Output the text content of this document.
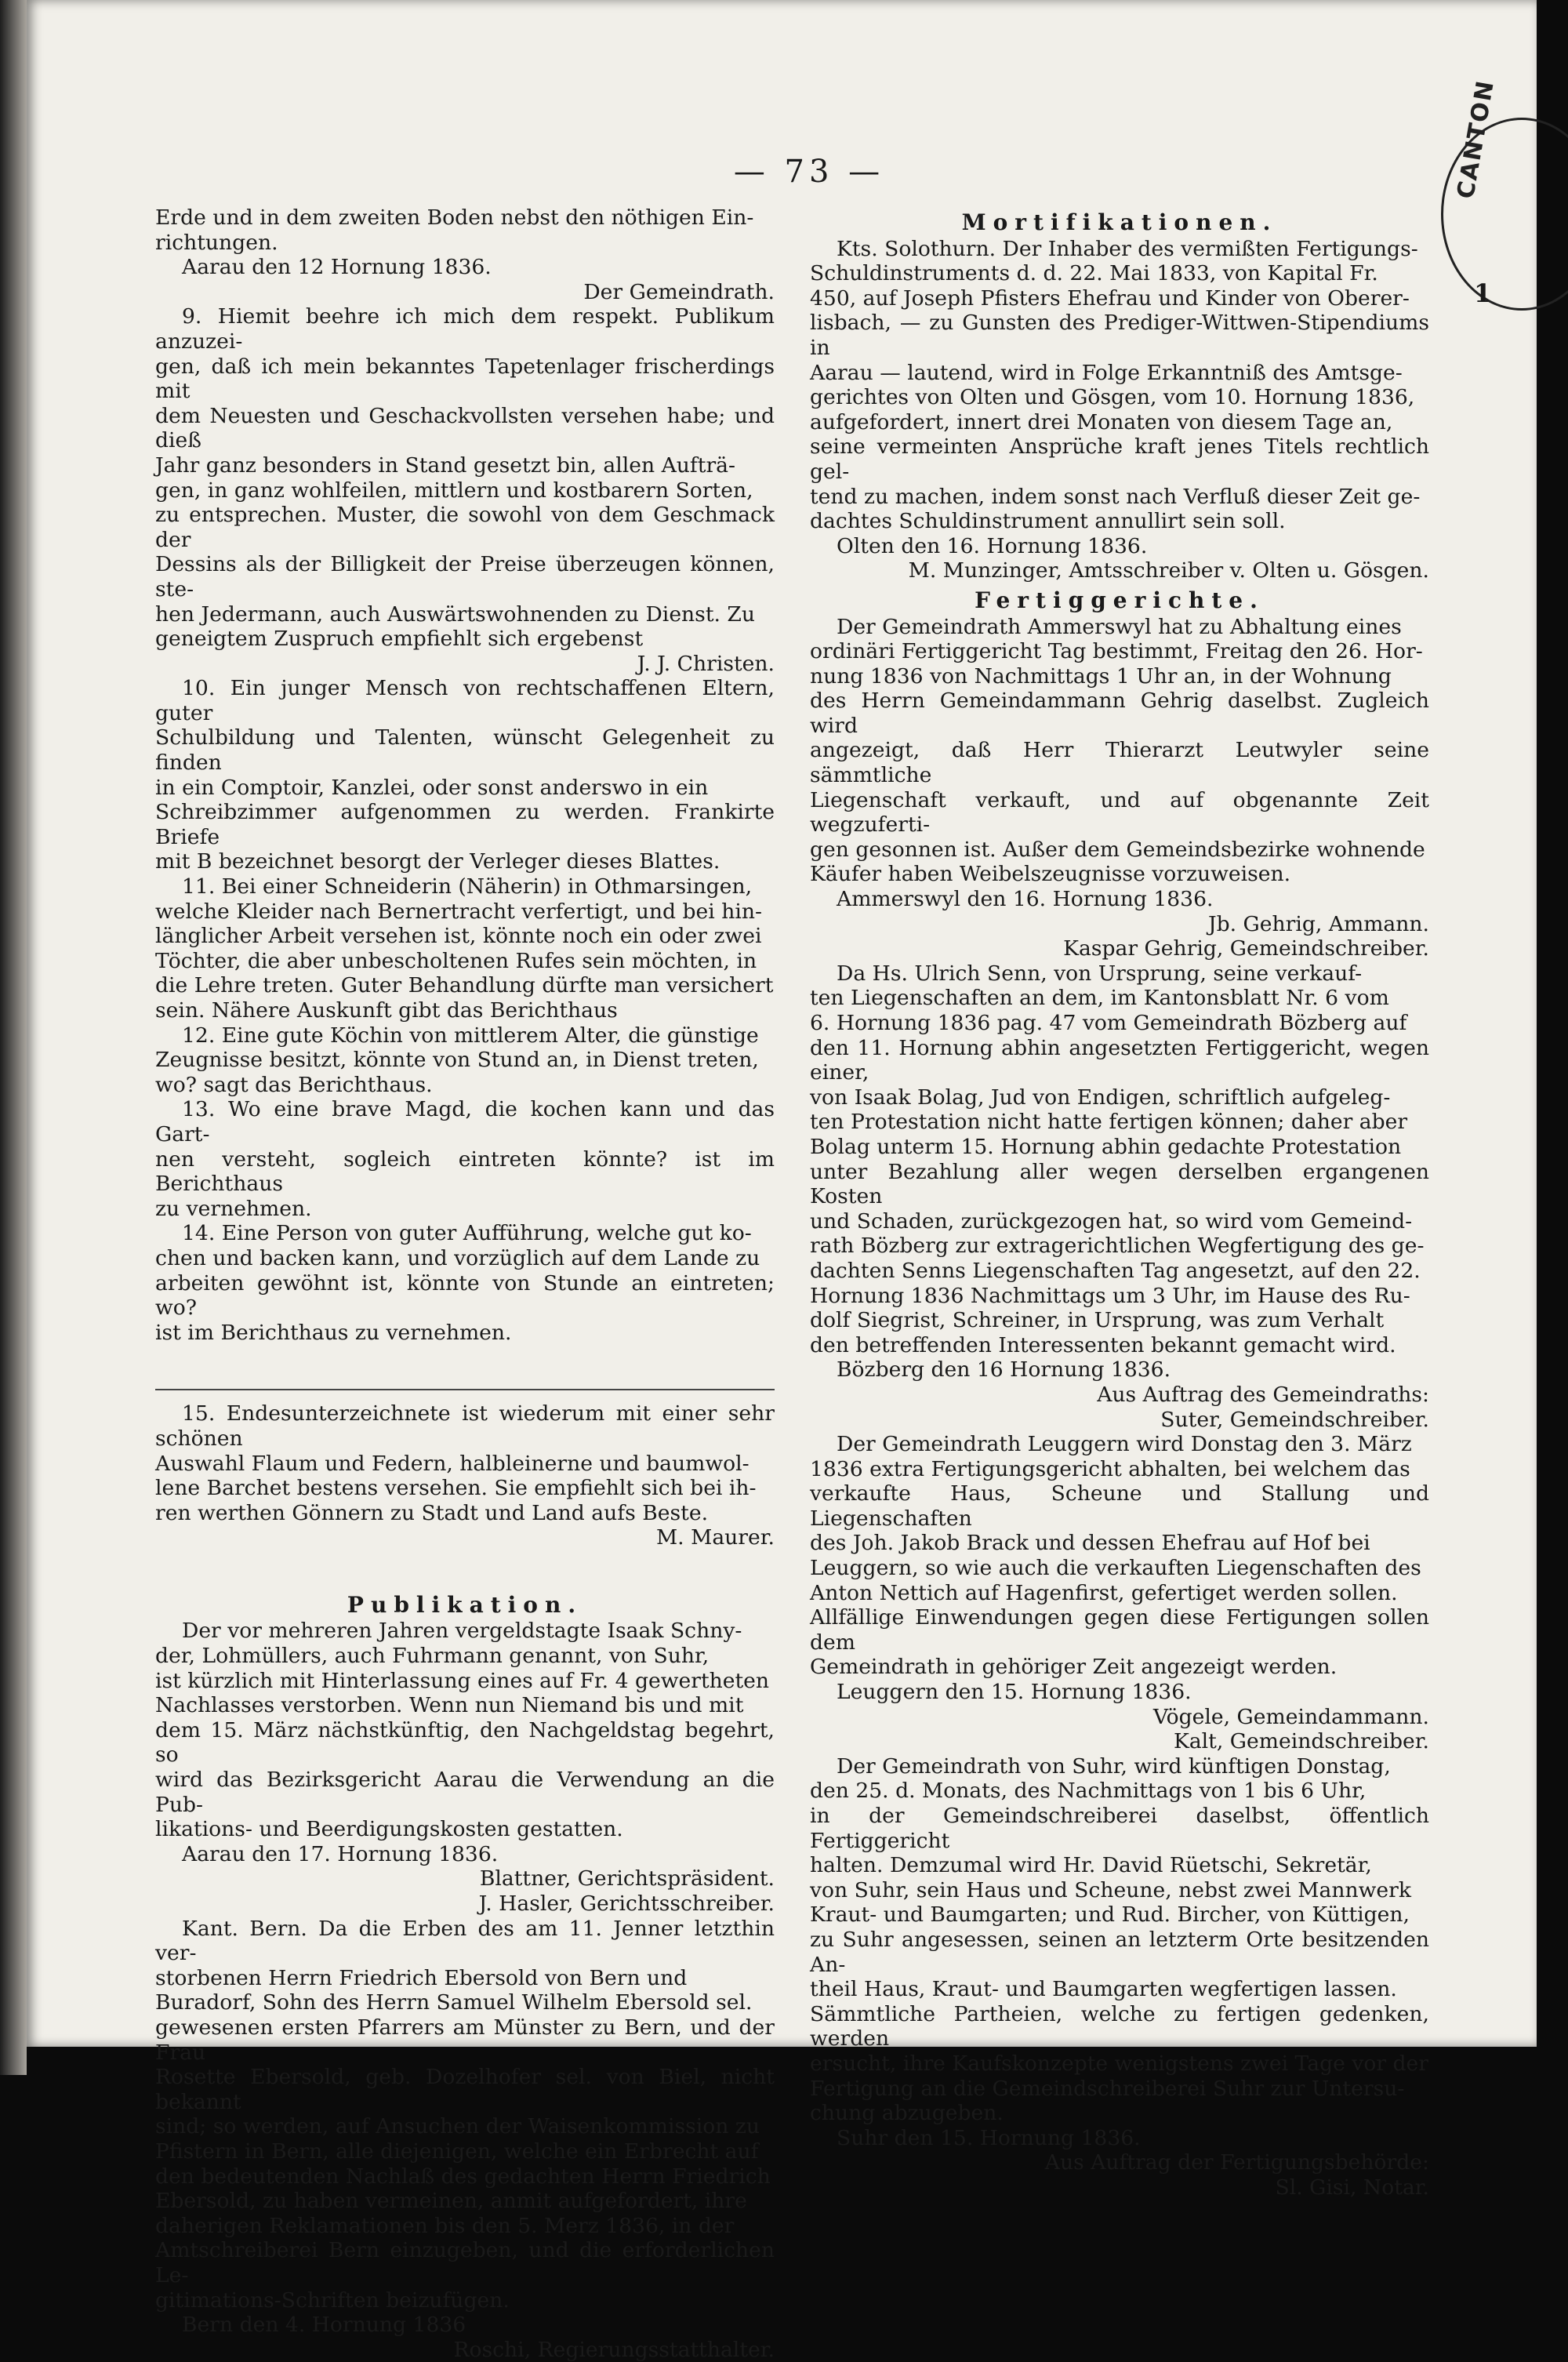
CANTON
1
— 73 —

Erde und in dem zweiten Boden nebst den nöthigen Ein-

richtungen.

Aarau den 12 Hornung 1836.

Der Gemeindrath.

9. Hiemit beehre ich mich dem respekt. Publikum anzuzei-

gen, daß ich mein bekanntes Tapetenlager frischerdings mit

dem Neuesten und Geschackvollsten versehen habe; und dieß

Jahr ganz besonders in Stand gesetzt bin, allen Aufträ-

gen, in ganz wohlfeilen, mittlern und kostbarern Sorten,

zu entsprechen. Muster, die sowohl von dem Geschmack der

Dessins als der Billigkeit der Preise überzeugen können, ste-

hen Jedermann, auch Auswärtswohnenden zu Dienst. Zu

geneigtem Zuspruch empfiehlt sich ergebenst

J. J. Christen.

10. Ein junger Mensch von rechtschaffenen Eltern, guter

Schulbildung und Talenten, wünscht Gelegenheit zu finden

in ein Comptoir, Kanzlei, oder sonst anderswo in ein

Schreibzimmer aufgenommen zu werden. Frankirte Briefe

mit B bezeichnet besorgt der Verleger dieses Blattes.

11. Bei einer Schneiderin (Näherin) in Othmarsingen,

welche Kleider nach Bernertracht verfertigt, und bei hin-

länglicher Arbeit versehen ist, könnte noch ein oder zwei

Töchter, die aber unbescholtenen Rufes sein möchten, in

die Lehre treten. Guter Behandlung dürfte man versichert

sein. Nähere Auskunft gibt das Berichthaus

12. Eine gute Köchin von mittlerem Alter, die günstige

Zeugnisse besitzt, könnte von Stund an, in Dienst treten,

wo? sagt das Berichthaus.

13. Wo eine brave Magd, die kochen kann und das Gart-

nen versteht, sogleich eintreten könnte? ist im Berichthaus

zu vernehmen.

14. Eine Person von guter Aufführung, welche gut ko-

chen und backen kann, und vorzüglich auf dem Lande zu

arbeiten gewöhnt ist, könnte von Stunde an eintreten; wo?

ist im Berichthaus zu vernehmen.

15. Endesunterzeichnete ist wiederum mit einer sehr schönen

Auswahl Flaum und Federn, halbleinerne und baumwol-

lene Barchet bestens versehen. Sie empfiehlt sich bei ih-

ren werthen Gönnern zu Stadt und Land aufs Beste.

M. Maurer.

Publikation.

Der vor mehreren Jahren vergeldstagte Isaak Schny-

der, Lohmüllers, auch Fuhrmann genannt, von Suhr,

ist kürzlich mit Hinterlassung eines auf Fr. 4 gewertheten

Nachlasses verstorben. Wenn nun Niemand bis und mit

dem 15. März nächstkünftig, den Nachgeldstag begehrt, so

wird das Bezirksgericht Aarau die Verwendung an die Pub-

likations- und Beerdigungskosten gestatten.

Aarau den 17. Hornung 1836.

Blattner, Gerichtspräsident.

J. Hasler, Gerichtsschreiber.

Kant. Bern. Da die Erben des am 11. Jenner letzthin ver-

storbenen Herrn Friedrich Ebersold von Bern und

Buradorf, Sohn des Herrn Samuel Wilhelm Ebersold sel.

gewesenen ersten Pfarrers am Münster zu Bern, und der Frau

Rosette Ebersold, geb. Dozelhofer sel. von Biel, nicht bekannt

sind; so werden, auf Ansuchen der Waisenkommission zu

Pfistern in Bern, alle diejenigen, welche ein Erbrecht auf

den bedeutenden Nachlaß des gedachten Herrn Friedrich

Ebersold, zu haben vermeinen, anmit aufgefordert, ihre

daherigen Reklamationen bis den 5. Merz 1836, in der

Amtschreiberei Bern einzugeben, und die erforderlichen Le-

gitimations-Schriften beizufügen.

Bern den 4. Hornung 1836

Roschi, Regierungsstatthalter.

Mortifikationen.

Kts. Solothurn. Der Inhaber des vermißten Fertigungs-

Schuldinstruments d. d. 22. Mai 1833, von Kapital Fr.

450, auf Joseph Pfisters Ehefrau und Kinder von Oberer-

lisbach, — zu Gunsten des Prediger-Wittwen-Stipendiums in

Aarau — lautend, wird in Folge Erkanntniß des Amtsge-

gerichtes von Olten und Gösgen, vom 10. Hornung 1836,

aufgefordert, innert drei Monaten von diesem Tage an,

seine vermeinten Ansprüche kraft jenes Titels rechtlich gel-

tend zu machen, indem sonst nach Verfluß dieser Zeit ge-

dachtes Schuldinstrument annullirt sein soll.

Olten den 16. Hornung 1836.

M. Munzinger, Amtsschreiber v. Olten u. Gösgen.

Fertiggerichte.

Der Gemeindrath Ammerswyl hat zu Abhaltung eines

ordinäri Fertiggericht Tag bestimmt, Freitag den 26. Hor-

nung 1836 von Nachmittags 1 Uhr an, in der Wohnung

des Herrn Gemeindammann Gehrig daselbst. Zugleich wird

angezeigt, daß Herr Thierarzt Leutwyler seine sämmtliche

Liegenschaft verkauft, und auf obgenannte Zeit wegzuferti-

gen gesonnen ist. Außer dem Gemeindsbezirke wohnende

Käufer haben Weibelszeugnisse vorzuweisen.

Ammerswyl den 16. Hornung 1836.

Jb. Gehrig, Ammann.

Kaspar Gehrig, Gemeindschreiber.

Da Hs. Ulrich Senn, von Ursprung, seine verkauf-

ten Liegenschaften an dem, im Kantonsblatt Nr. 6 vom

6. Hornung 1836 pag. 47 vom Gemeindrath Bözberg auf

den 11. Hornung abhin angesetzten Fertiggericht, wegen einer,

von Isaak Bolag, Jud von Endigen, schriftlich aufgeleg-

ten Protestation nicht hatte fertigen können; daher aber

Bolag unterm 15. Hornung abhin gedachte Protestation

unter Bezahlung aller wegen derselben ergangenen Kosten

und Schaden, zurückgezogen hat, so wird vom Gemeind-

rath Bözberg zur extragerichtlichen Wegfertigung des ge-

dachten Senns Liegenschaften Tag angesetzt, auf den 22.

Hornung 1836 Nachmittags um 3 Uhr, im Hause des Ru-

dolf Siegrist, Schreiner, in Ursprung, was zum Verhalt

den betreffenden Interessenten bekannt gemacht wird.

Bözberg den 16 Hornung 1836.

Aus Auftrag des Gemeindraths:

Suter, Gemeindschreiber.

Der Gemeindrath Leuggern wird Donstag den 3. März

1836 extra Fertigungsgericht abhalten, bei welchem das

verkaufte Haus, Scheune und Stallung und Liegenschaften

des Joh. Jakob Brack und dessen Ehefrau auf Hof bei

Leuggern, so wie auch die verkauften Liegenschaften des

Anton Nettich auf Hagenfirst, gefertiget werden sollen.

Allfällige Einwendungen gegen diese Fertigungen sollen dem

Gemeindrath in gehöriger Zeit angezeigt werden.

Leuggern den 15. Hornung 1836.

Vögele, Gemeindammann.

Kalt, Gemeindschreiber.

Der Gemeindrath von Suhr, wird künftigen Donstag,

den 25. d. Monats, des Nachmittags von 1 bis 6 Uhr,

in der Gemeindschreiberei daselbst, öffentlich Fertiggericht

halten. Demzumal wird Hr. David Rüetschi, Sekretär,

von Suhr, sein Haus und Scheune, nebst zwei Mannwerk

Kraut- und Baumgarten; und Rud. Bircher, von Küttigen,

zu Suhr angesessen, seinen an letzterm Orte besitzenden An-

theil Haus, Kraut- und Baumgarten wegfertigen lassen.

Sämmtliche Partheien, welche zu fertigen gedenken, werden

ersucht, ihre Kaufskonzepte wenigstens zwei Tage vor der

Fertigung an die Gemeindschreiberei Suhr zur Untersu-

chung abzugeben.

Suhr den 15. Hornung 1836.

Aus Auftrag der Fertigungsbehörde:

Sl. Gisi, Notar.
